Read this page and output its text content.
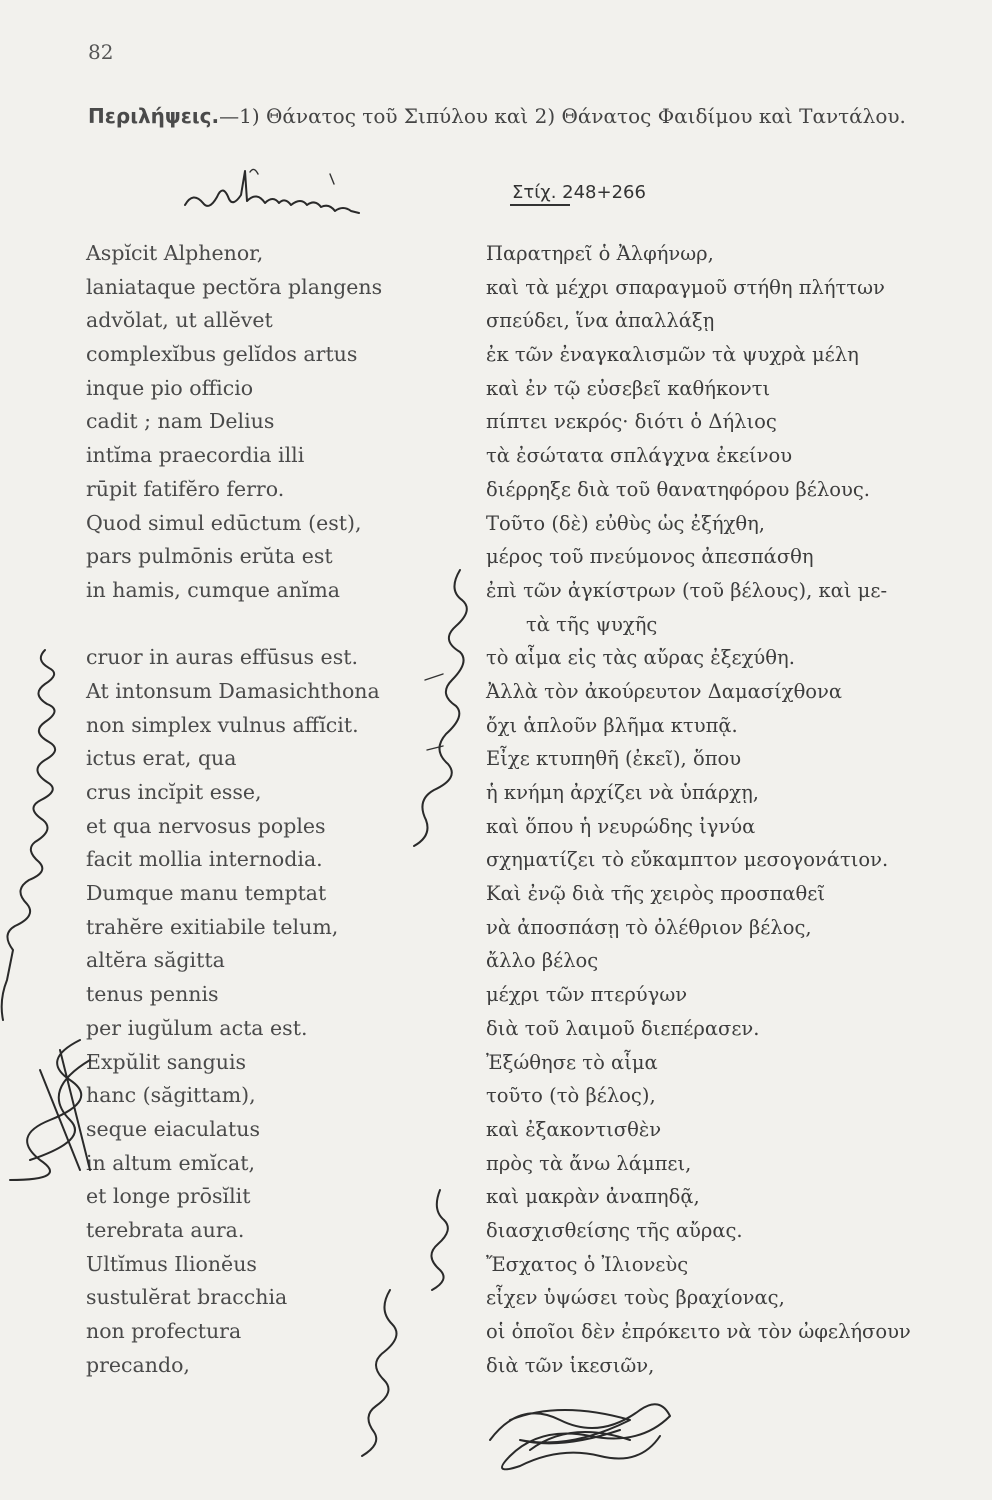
82
Περιλήψεις.—1) Θάνατος τοῦ Σιπύλου καὶ 2) Θάνατος Φαιδίμου καὶ Ταντάλου.
Στίχ. 248+266
Aspĭcit Alphenor,
laniataque pectŏra plangens
advŏlat, ut allĕvet
complexĭbus gelĭdos artus
inque pio officio
cadit ; nam Delius
intĭma praecordia illi
rūpit fatifĕro ferro.
Quod simul edūctum (est),
pars pulmōnis erŭta est
in hamis, cumque anĭma
cruor in auras effūsus est.
At intonsum Damasichthona
non simplex vulnus affĭcit.
ictus erat, qua
crus incĭpit esse,
et qua nervosus poples
facit mollia internodia.
Dumque manu temptat
trahĕre exitiabile telum,
altĕra săgitta
tenus pennis
per iugŭlum acta est.
Expŭlit sanguis
hanc (săgittam),
seque eiaculatus
in altum emĭcat,
et longe prōsĭlit
terebrata aura.
Ultĭmus Ilionĕus
sustulĕrat bracchia
non profectura
precando,
Παρατηρεῖ ὁ Ἀλφήνωρ,
καὶ τὰ μέχρι σπαραγμοῦ στήθη πλήττων
σπεύδει, ἵνα ἀπαλλάξῃ
ἐκ τῶν ἐναγκαλισμῶν τὰ ψυχρὰ μέλη
καὶ ἐν τῷ εὐσεβεῖ καθήκοντι
πίπτει νεκρός· διότι ὁ Δήλιος
τὰ ἐσώτατα σπλάγχνα ἐκείνου
διέρρηξε διὰ τοῦ θανατηφόρου βέλους.
Τοῦτο (δὲ) εὐθὺς ὡς ἐξήχθη,
μέρος τοῦ πνεύμονος ἀπεσπάσθη
ἐπὶ τῶν ἀγκίστρων (τοῦ βέλους), καὶ με-
τὰ τῆς ψυχῆς
τὸ αἷμα εἰς τὰς αὔρας ἐξεχύθη.
Ἀλλὰ τὸν ἀκούρευτον Δαμασίχθονα
ὄχι ἁπλοῦν βλῆμα κτυπᾷ.
Εἶχε κτυπηθῆ (ἐκεῖ), ὅπου
ἡ κνήμη ἀρχίζει νὰ ὑπάρχῃ,
καὶ ὅπου ἡ νευρώδης ἰγνύα
σχηματίζει τὸ εὔκαμπτον μεσογονάτιον.
Καὶ ἐνῷ διὰ τῆς χειρὸς προσπαθεῖ
νὰ ἀποσπάσῃ τὸ ὀλέθριον βέλος,
ἄλλο βέλος
μέχρι τῶν πτερύγων
διὰ τοῦ λαιμοῦ διεπέρασεν.
Ἐξώθησε τὸ αἷμα
τοῦτο (τὸ βέλος),
καὶ ἐξακοντισθὲν
πρὸς τὰ ἄνω λάμπει,
καὶ μακρὰν ἀναπηδᾷ,
διασχισθείσης τῆς αὔρας.
Ἔσχατος ὁ Ἰλιονεὺς
εἶχεν ὑψώσει τοὺς βραχίονας,
οἱ ὁποῖοι δὲν ἐπρόκειτο νὰ τὸν ὠφελήσουν
διὰ τῶν ἱκεσιῶν,
